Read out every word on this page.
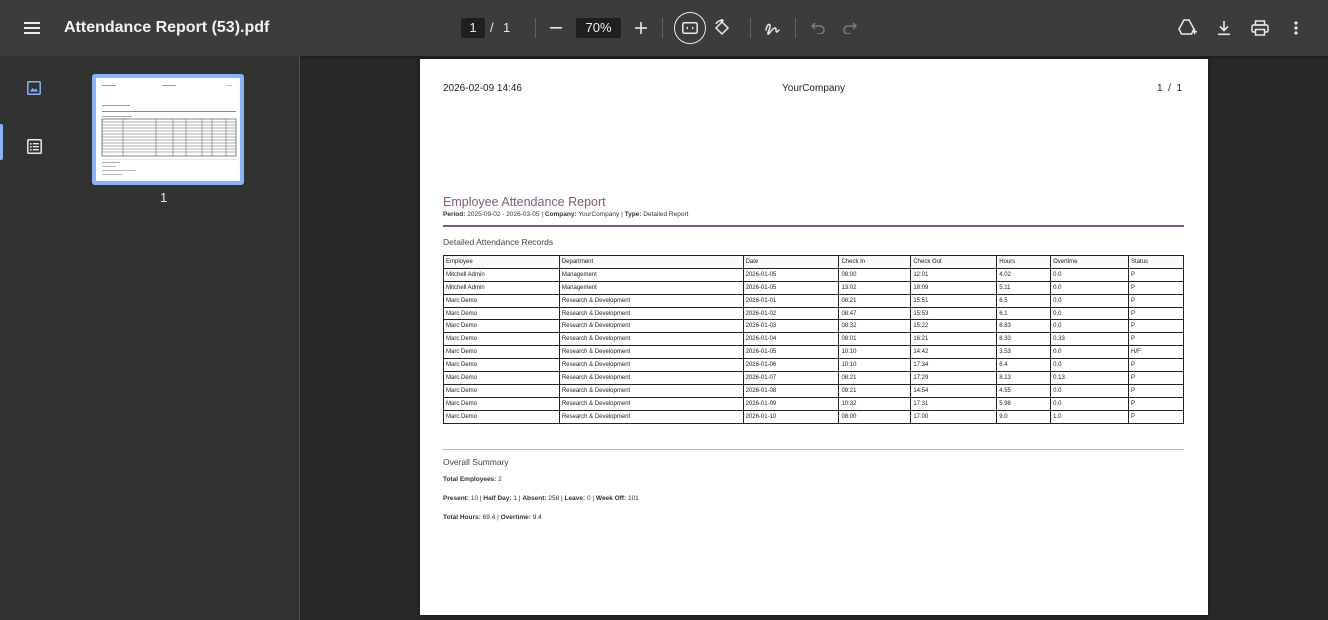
Attendance Report (53).pdf	1	/ 1	70%
1
2026-02-09 14:46	YourCompany	1  /  1
Employee Attendance Report
Period: 2025-09-02 - 2026-03-05 | Company: YourCompany | Type: Detailed Report
Detailed Attendance Records
Employee	Department	Date	Check In	Check Out	Hours	Overtime	Status
Mitchell Admin	Management	2026-01-05	08:00	12:01	4.02	0.0	P
Mitchell Admin	Management	2026-01-05	13:02	18:09	5.11	0.0	P
Marc Demo	Research & Development	2026-01-01	08:21	15:51	6.5	0.0	P
Marc Demo	Research & Development	2026-01-02	08:47	15:53	6.1	0.0	P
Marc Demo	Research & Development	2026-01-03	08:32	15:22	6.83	0.0	P
Marc Demo	Research & Development	2026-01-04	08:01	16:21	8.33	0.33	P
Marc Demo	Research & Development	2026-01-05	10:10	14:42	3.53	0.0	H/F
Marc Demo	Research & Development	2026-01-06	10:10	17:34	6.4	0.0	P
Marc Demo	Research & Development	2026-01-07	08:21	17:29	8.13	0.13	P
Marc Demo	Research & Development	2026-01-08	09:21	14:54	4.55	0.0	P
Marc Demo	Research & Development	2026-01-09	10:32	17:31	5.98	0.0	P
Marc Demo	Research & Development	2026-01-10	08:00	17:00	9.0	1.0	P
Overall Summary
Total Employees: 2
Present: 10 | Half Day: 1 | Absent: 258 | Leave: 0 | Week Off: 101
Total Hours: 69.4 | Overtime: 9.4
